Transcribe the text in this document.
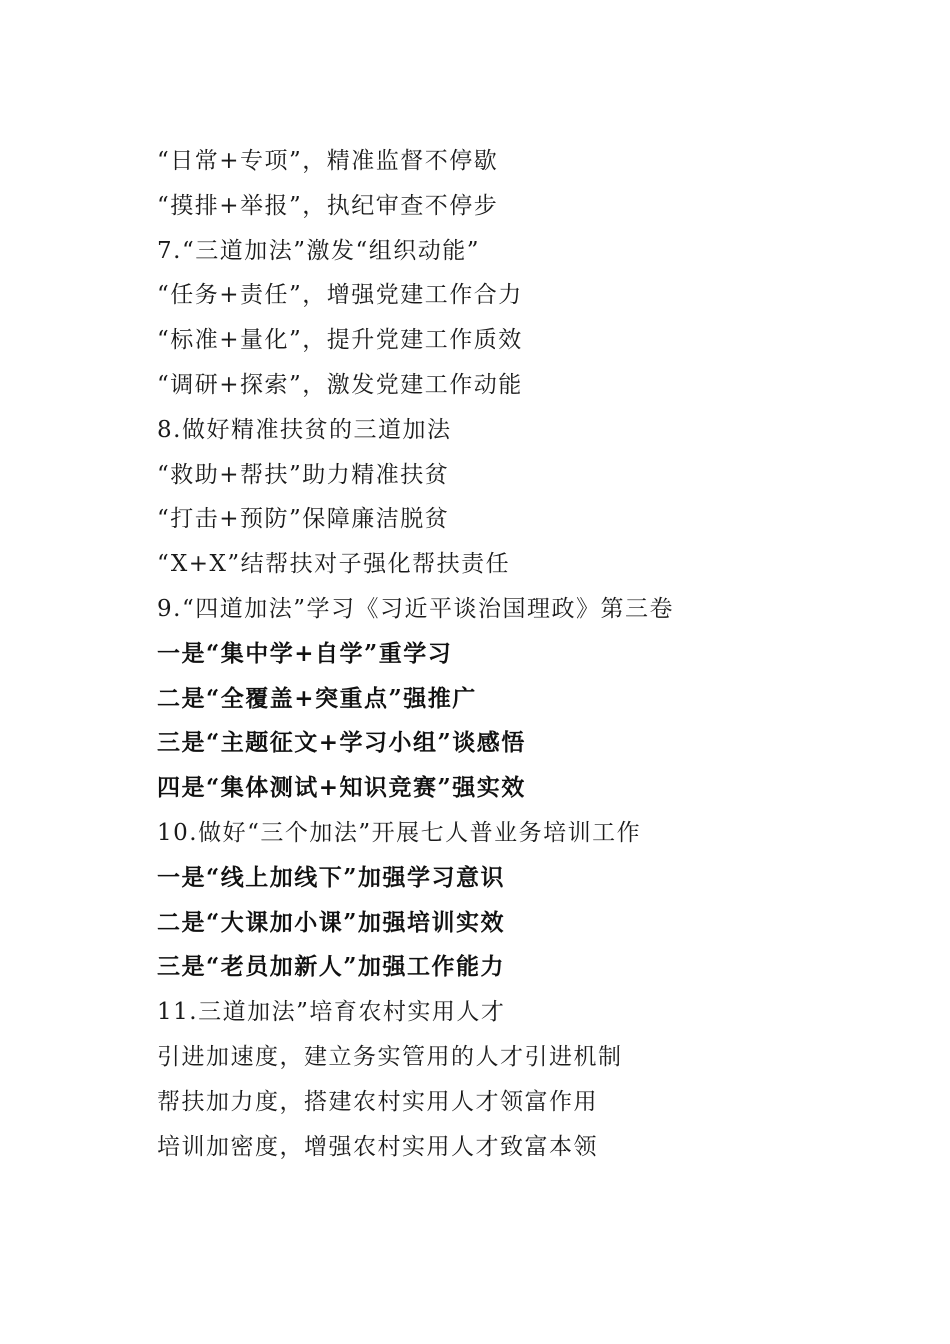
“日常+专项”，精准监督不停歇
“摸排+举报”，执纪审查不停步
7.“三道加法”激发“组织动能”
“任务+责任”，增强党建工作合力
“标准+量化”，提升党建工作质效
“调研+探索”，激发党建工作动能
8.做好精准扶贫的三道加法
“救助+帮扶”助力精准扶贫
“打击+预防”保障廉洁脱贫
“X+X”结帮扶对子强化帮扶责任
9.“四道加法”学习《习近平谈治国理政》第三卷
一是“集中学+自学”重学习
二是“全覆盖+突重点”强推广
三是“主题征文+学习小组”谈感悟
四是“集体测试+知识竞赛”强实效
10.做好“三个加法”开展七人普业务培训工作
一是“线上加线下”加强学习意识
二是“大课加小课”加强培训实效
三是“老员加新人”加强工作能力
11.三道加法”培育农村实用人才
引进加速度，建立务实管用的人才引进机制
帮扶加力度，搭建农村实用人才领富作用
培训加密度，增强农村实用人才致富本领
